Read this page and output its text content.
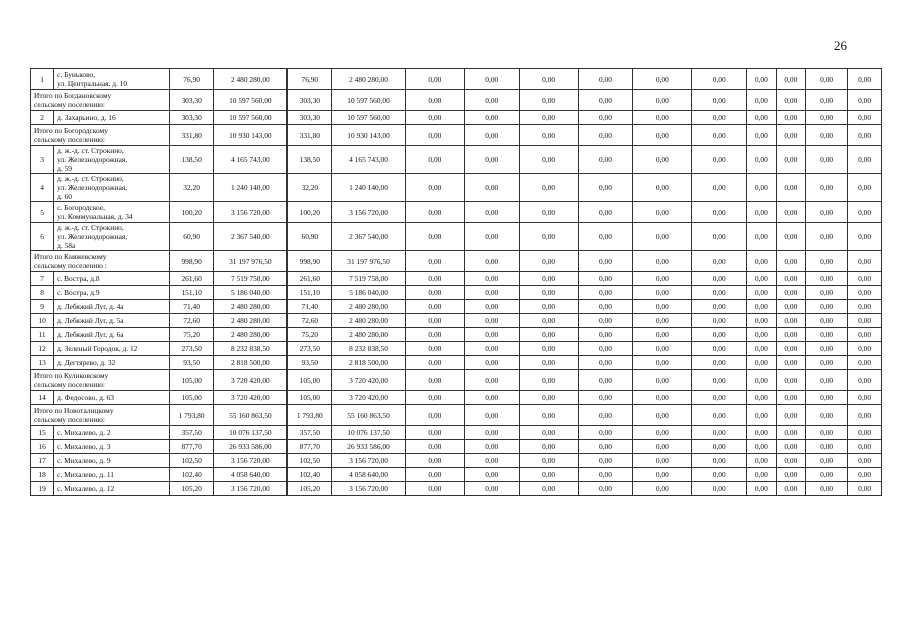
26
1	с. Буньково,
ул. Центральная, д. 10	76,90	2 480 280,00	76,90	2 480 280,00	0,00	0,00	0,00	0,00	0,00	0,00	0,00	0,00	0,00	0,00

Итого по Богдановскому
сельскому поселению:		303,30	10 597 560,00	303,30	10 597 560,00	0,00	0,00	0,00	0,00	0,00	0,00	0,00	0,00	0,00	0,00
2	д. Захарьино, д. 16	303,30	10 597 560,00	303,30	10 597 560,00	0,00	0,00	0,00	0,00	0,00	0,00	0,00	0,00	0,00	0,00

Итого по Богородскому
сельскому поселению:		331,80	10 930 143,00	331,80	10 930 143,00	0,00	0,00	0,00	0,00	0,00	0,00	0,00	0,00	0,00	0,00
3	д. ж.-д. ст. Строкино,
ул. Железнодорожная,
д. 59	138,50	4 165 743,00	138,50	4 165 743,00	0,00	0,00	0,00	0,00	0,00	0,00	0,00	0,00	0,00	0,00
4	д. ж.-д. ст. Строкино,
ул. Железнодорожная,
д. 60	32,20	1 240 140,00	32,20	1 240 140,00	0,00	0,00	0,00	0,00	0,00	0,00	0,00	0,00	0,00	0,00
5	с. Богородское,
ул. Коммунальная, д. 34	100,20	3 156 720,00	100,20	3 156 720,00	0,00	0,00	0,00	0,00	0,00	0,00	0,00	0,00	0,00	0,00
6	д. ж.-д. ст. Строкино,
ул. Железнодорожная,
д. 58а	60,90	2 367 540,00	60,90	2 367 540,00	0,00	0,00	0,00	0,00	0,00	0,00	0,00	0,00	0,00	0,00

Итого по Княжевскому
сельскому поселению :		998,90	31 197 976,50	998,90	31 197 976,50	0,00	0,00	0,00	0,00	0,00	0,00	0,00	0,00	0,00	0,00
7	с. Востра, д.8	261,60	7 519 758,00	261,60	7 519 758,00	0,00	0,00	0,00	0,00	0,00	0,00	0,00	0,00	0,00	0,00
8	с. Востра, д.9	151,10	5 186 040,00	151,10	5 186 040,00	0,00	0,00	0,00	0,00	0,00	0,00	0,00	0,00	0,00	0,00
9	д. Лебяжий Луг, д. 4а	71,40	2 480 280,00	71,40	2 480 280,00	0,00	0,00	0,00	0,00	0,00	0,00	0,00	0,00	0,00	0,00
10	д. Лебяжий Луг, д. 5а	72,60	2 480 280,00	72,60	2 480 280,00	0,00	0,00	0,00	0,00	0,00	0,00	0,00	0,00	0,00	0,00
11	д. Лебяжий Луг, д. 6а	75,20	2 480 280,00	75,20	2 480 280,00	0,00	0,00	0,00	0,00	0,00	0,00	0,00	0,00	0,00	0,00
12	д. Зеленый Городок, д. 12	273,50	8 232 838,50	273,50	8 232 838,50	0,00	0,00	0,00	0,00	0,00	0,00	0,00	0,00	0,00	0,00
13	д. Дегтярево, д. 32	93,50	2 818 500,00	93,50	2 818 500,00	0,00	0,00	0,00	0,00	0,00	0,00	0,00	0,00	0,00	0,00

Итого по Куликовскому
сельскому поселению:		105,00	3 720 420,00	105,00	3 720 420,00	0,00	0,00	0,00	0,00	0,00	0,00	0,00	0,00	0,00	0,00
14	д. Федосово, д. 63	105,00	3 720 420,00	105,00	3 720 420,00	0,00	0,00	0,00	0,00	0,00	0,00	0,00	0,00	0,00	0,00

Итого по Новоталицкому
сельскому поселению:		1 793,80	55 160 863,50	1 793,80	55 160 863,50	0,00	0,00	0,00	0,00	0,00	0,00	0,00	0,00	0,00	0,00
15	с. Михалево, д. 2	357,50	10 076 137,50	357,50	10 076 137,50	0,00	0,00	0,00	0,00	0,00	0,00	0,00	0,00	0,00	0,00
16	с. Михалево, д. 3	877,70	26 933 586,00	877,70	26 933 586,00	0,00	0,00	0,00	0,00	0,00	0,00	0,00	0,00	0,00	0,00
17	с. Михалево, д. 9	102,50	3 156 720,00	102,50	3 156 720,00	0,00	0,00	0,00	0,00	0,00	0,00	0,00	0,00	0,00	0,00
18	с. Михалево, д. 11	102,40	4 058 640,00	102,40	4 058 640,00	0,00	0,00	0,00	0,00	0,00	0,00	0,00	0,00	0,00	0,00
19	с. Михалево, д. 12	105,20	3 156 720,00	105,20	3 156 720,00	0,00	0,00	0,00	0,00	0,00	0,00	0,00	0,00	0,00	0,00
